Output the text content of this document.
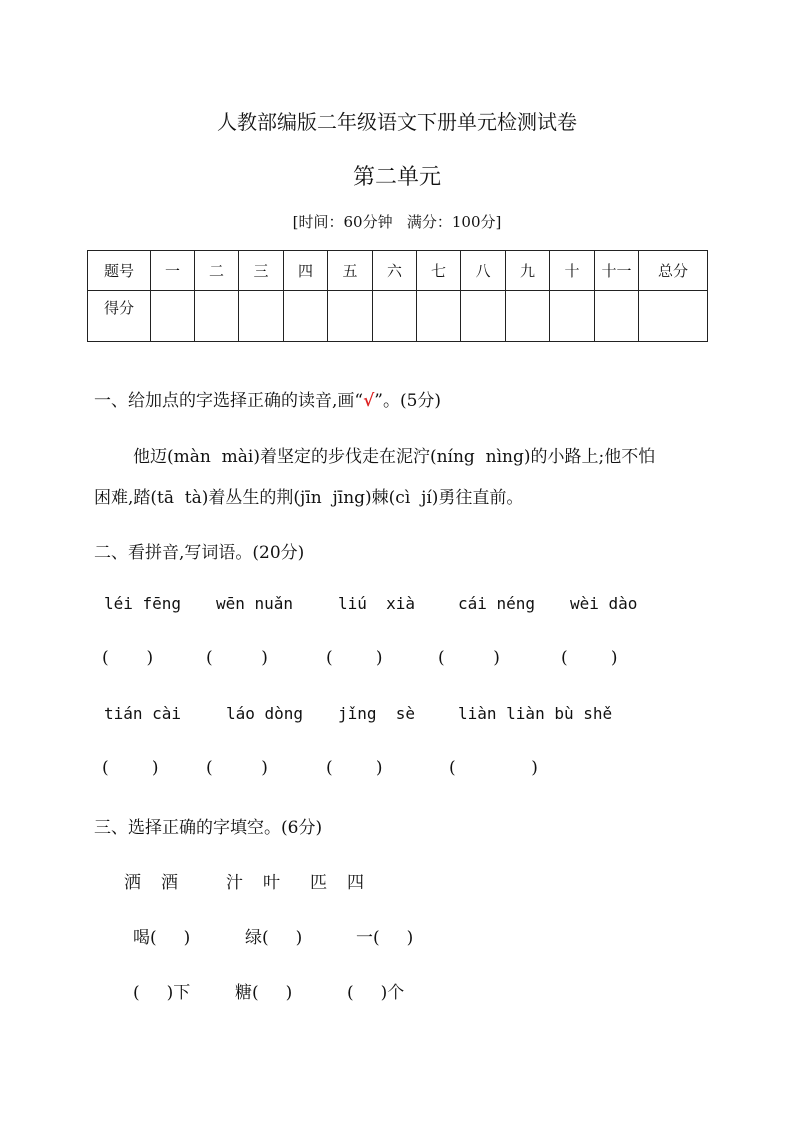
人教部编版二年级语文下册单元检测试卷
第二单元
[时间：60分钟   满分：100分]
题号	一	二	三	四	五	六	七	八	九	十	十一	总分
得分												
一、给加点的字选择正确的读音,画“√”。(5分)
他迈(màn  mài)着坚定的步伐走在泥泞(níng  nìng)的小路上;他不怕
困难,踏(tā  tà)着丛生的荆(jīn  jīng)棘(cì  jí)勇往直前。
二、看拼音,写词语。(20分)
léi fēng wēn nuǎn	liú  xià	cái néng wèi dào
(       )	(         )	(        )	(         )	(        )
tián cài	láo dòng jǐng  sè	liàn liàn bù shě
(        )	(         )	(        )	(              )
三、选择正确的字填空。(6分)
洒 酒	汁 叶 匹 四
喝(     )	绿(     )	一(     )
(     )下	糖(     )	(     )个
